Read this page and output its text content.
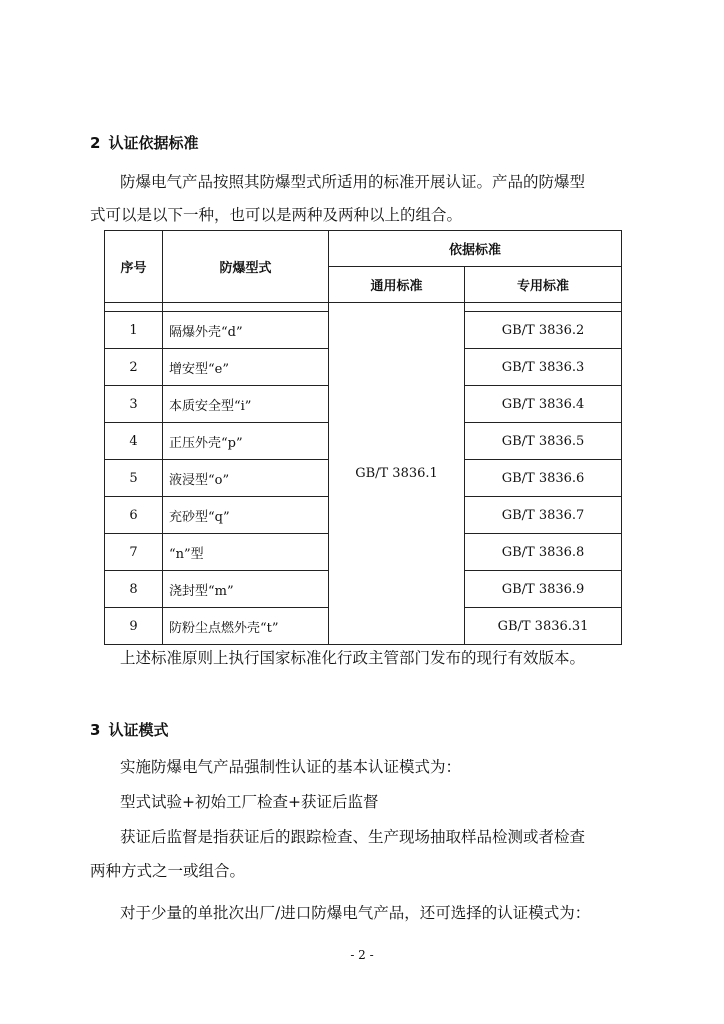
2 认证依据标准
防爆电气产品按照其防爆型式所适用的标准开展认证。产品的防爆型
式可以是以下一种，也可以是两种及两种以上的组合。
序号	防爆型式	依据标准	
		通用标准	专用标准
		GB/T 3836.1	
1	隔爆外壳“d”		GB/T 3836.2
2	增安型“e”		GB/T 3836.3
3	本质安全型“i”		GB/T 3836.4
4	正压外壳“p”		GB/T 3836.5
5	液浸型“o”		GB/T 3836.6
6	充砂型“q”		GB/T 3836.7
7	“n”型		GB/T 3836.8
8	浇封型“m”		GB/T 3836.9
9	防粉尘点燃外壳“t”		GB/T 3836.31
上述标准原则上执行国家标准化行政主管部门发布的现行有效版本。
3 认证模式
实施防爆电气产品强制性认证的基本认证模式为：
型式试验+初始工厂检查+获证后监督
获证后监督是指获证后的跟踪检查、生产现场抽取样品检测或者检查
两种方式之一或组合。
对于少量的单批次出厂/进口防爆电气产品，还可选择的认证模式为：
- 2 -
